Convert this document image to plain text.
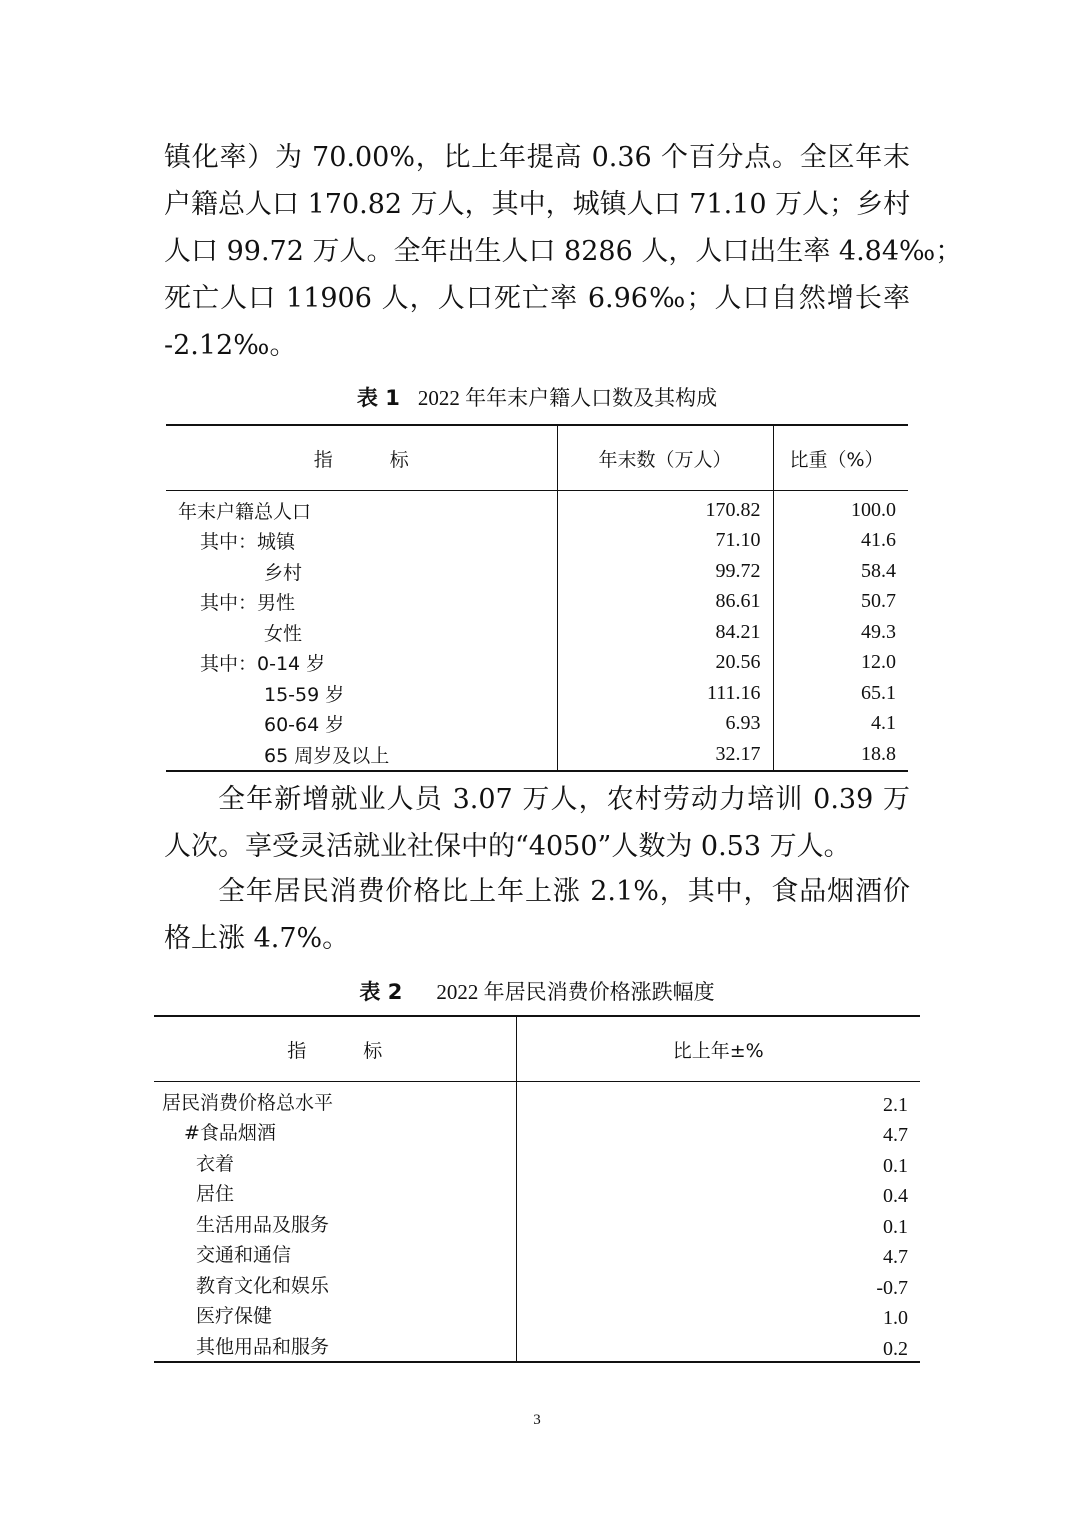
镇化率）为 70.00%，比上年提高 0.36 个百分点。全区年末
户籍总人口 170.82 万人，其中，城镇人口 71.10 万人；乡村
人口 99.72 万人。全年出生人口 8286 人，人口出生率 4.84‰；
死亡人口 11906 人，人口死亡率 6.96‰；人口自然增长率
-2.12‰。

表 1 2022 年年末户籍人口数及其构成

指　　　标	年末数（万人）	比重（%）
年末户籍总人口	170.82	100.0
其中：城镇	71.10	41.6
乡村	99.72	58.4
其中：男性	86.61	50.7
女性	84.21	49.3
其中：0-14 岁	20.56	12.0
15-59 岁	111.16	65.1
60-64 岁	6.93	4.1
65 周岁及以上	32.17	18.8

全年新增就业人员 3.07 万人，农村劳动力培训 0.39 万
人次。享受灵活就业社保中的“4050”人数为 0.53 万人。

全年居民消费价格比上年上涨 2.1%，其中，食品烟酒价
格上涨 4.7%。

表 2 2022 年居民消费价格涨跌幅度

指　　　标	比上年±%
居民消费价格总水平	2.1
#食品烟酒	4.7
衣着	0.1
居住	0.4
生活用品及服务	0.1
交通和通信	4.7
教育文化和娱乐	-0.7
医疗保健	1.0
其他用品和服务	0.2
3
